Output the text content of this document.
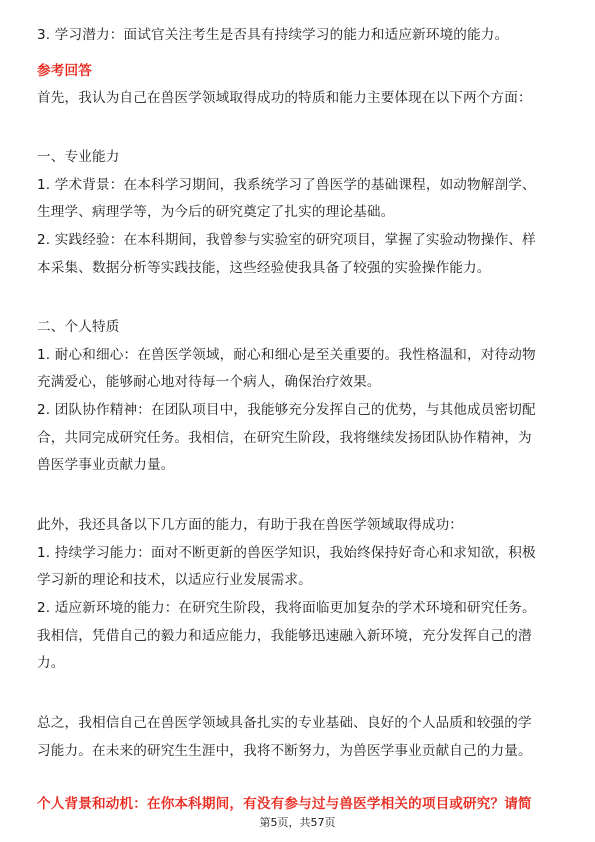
3. 学习潜力：面试官关注考生是否具有持续学习的能力和适应新环境的能力。
参考回答
首先，我认为自己在兽医学领域取得成功的特质和能力主要体现在以下两个方面：
一、专业能力
1. 学术背景：在本科学习期间，我系统学习了兽医学的基础课程，如动物解剖学、
生理学、病理学等，为今后的研究奠定了扎实的理论基础。
2. 实践经验：在本科期间，我曾参与实验室的研究项目，掌握了实验动物操作、样
本采集、数据分析等实践技能，这些经验使我具备了较强的实验操作能力。
二、个人特质
1. 耐心和细心：在兽医学领域，耐心和细心是至关重要的。我性格温和，对待动物
充满爱心，能够耐心地对待每一个病人，确保治疗效果。
2. 团队协作精神：在团队项目中，我能够充分发挥自己的优势，与其他成员密切配
合，共同完成研究任务。我相信，在研究生阶段，我将继续发扬团队协作精神，为
兽医学事业贡献力量。
此外，我还具备以下几方面的能力，有助于我在兽医学领域取得成功：
1. 持续学习能力：面对不断更新的兽医学知识，我始终保持好奇心和求知欲，积极
学习新的理论和技术，以适应行业发展需求。
2. 适应新环境的能力：在研究生阶段，我将面临更加复杂的学术环境和研究任务。
我相信，凭借自己的毅力和适应能力，我能够迅速融入新环境，充分发挥自己的潜
力。
总之，我相信自己在兽医学领域具备扎实的专业基础、良好的个人品质和较强的学
习能力。在未来的研究生生涯中，我将不断努力，为兽医学事业贡献自己的力量。
个人背景和动机：在你本科期间，有没有参与过与兽医学相关的项目或研究？请简
第5页，共57页
